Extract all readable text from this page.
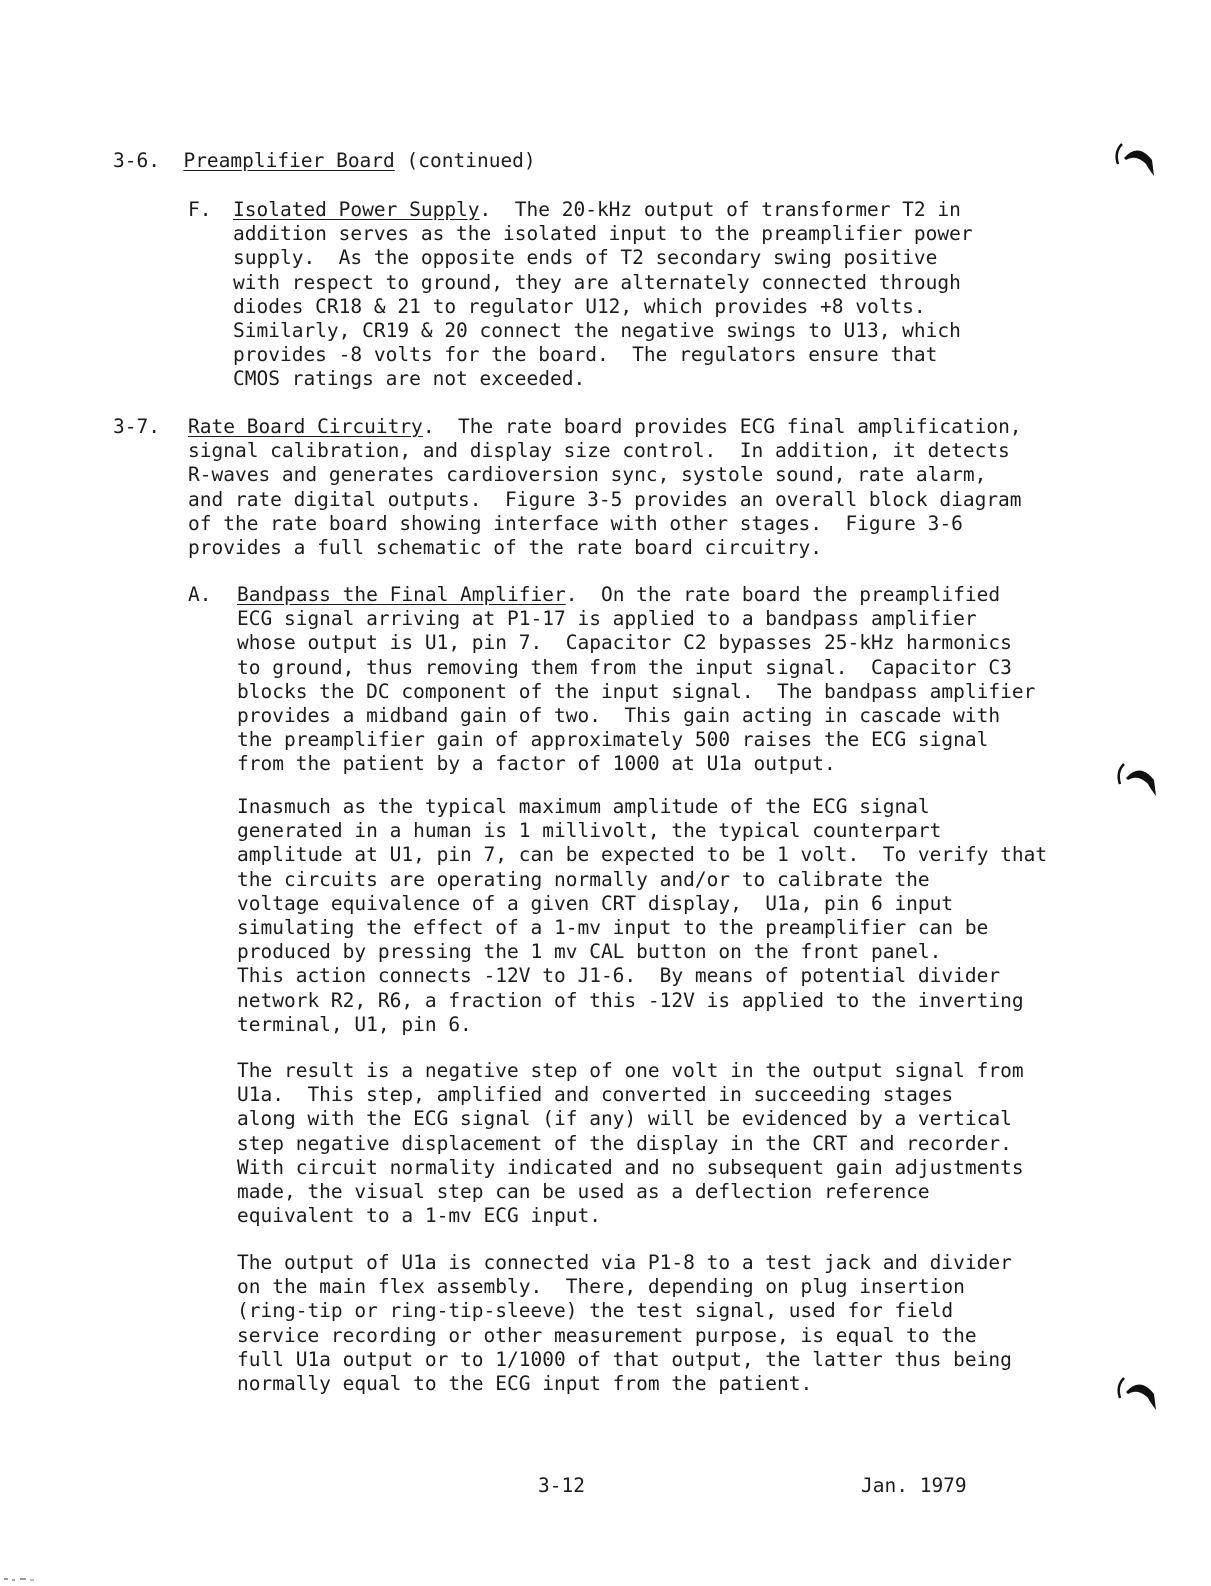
3-6. Preamplifier Board (continued)
F. Isolated Power Supply.  The 20-kHz output of transformer T2 in
addition serves as the isolated input to the preamplifier power
supply.  As the opposite ends of T2 secondary swing positive
with respect to ground, they are alternately connected through
diodes CR18 & 21 to regulator U12, which provides +8 volts.
Similarly, CR19 & 20 connect the negative swings to U13, which
provides -8 volts for the board.  The regulators ensure that
CMOS ratings are not exceeded.
3-7. Rate Board Circuitry.  The rate board provides ECG final amplification,
signal calibration, and display size control.  In addition, it detects
R-waves and generates cardioversion sync, systole sound, rate alarm,
and rate digital outputs.  Figure 3-5 provides an overall block diagram
of the rate board showing interface with other stages.  Figure 3-6
provides a full schematic of the rate board circuitry.
A. Bandpass the Final Amplifier.  On the rate board the preamplified
ECG signal arriving at P1-17 is applied to a bandpass amplifier
whose output is U1, pin 7.  Capacitor C2 bypasses 25-kHz harmonics
to ground, thus removing them from the input signal.  Capacitor C3
blocks the DC component of the input signal.  The bandpass amplifier
provides a midband gain of two.  This gain acting in cascade with
the preamplifier gain of approximately 500 raises the ECG signal
from the patient by a factor of 1000 at U1a output.
Inasmuch as the typical maximum amplitude of the ECG signal
generated in a human is 1 millivolt, the typical counterpart
amplitude at U1, pin 7, can be expected to be 1 volt.  To verify that
the circuits are operating normally and/or to calibrate the
voltage equivalence of a given CRT display,  U1a, pin 6 input
simulating the effect of a 1-mv input to the preamplifier can be
produced by pressing the 1 mv CAL button on the front panel.
This action connects -12V to J1-6.  By means of potential divider
network R2, R6, a fraction of this -12V is applied to the inverting
terminal, U1, pin 6.
The result is a negative step of one volt in the output signal from
U1a.  This step, amplified and converted in succeeding stages
along with the ECG signal (if any) will be evidenced by a vertical
step negative displacement of the display in the CRT and recorder.
With circuit normality indicated and no subsequent gain adjustments
made, the visual step can be used as a deflection reference
equivalent to a 1-mv ECG input.
The output of U1a is connected via P1-8 to a test jack and divider
on the main flex assembly.  There, depending on plug insertion
(ring-tip or ring-tip-sleeve) the test signal, used for field
service recording or other measurement purpose, is equal to the
full U1a output or to 1/1000 of that output, the latter thus being
normally equal to the ECG input from the patient.
3-12	Jan. 1979
